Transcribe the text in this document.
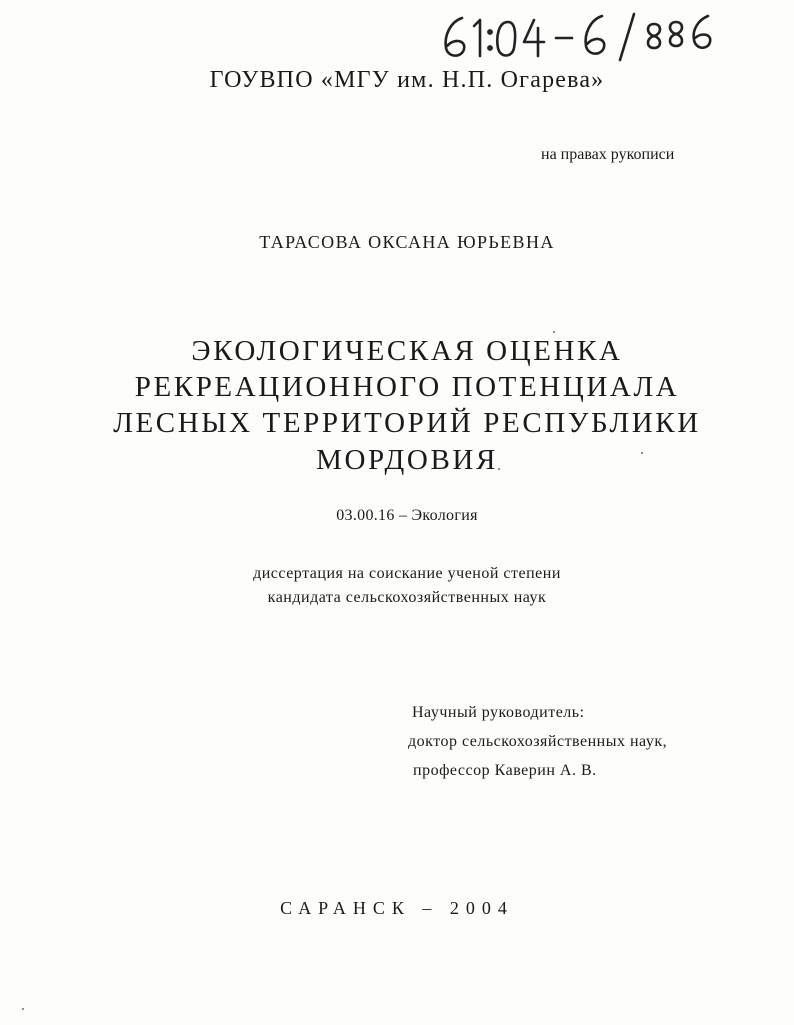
ГОУВПО «МГУ им. Н.П. Огарева»
на правах рукописи
ТАРАСОВА ОКСАНА ЮРЬЕВНА
ЭКОЛОГИЧЕСКАЯ ОЦЕНКА
РЕКРЕАЦИОННОГО ПОТЕНЦИАЛА
ЛЕСНЫХ ТЕРРИТОРИЙ РЕСПУБЛИКИ
МОРДОВИЯ
03.00.16 – Экология
диссертация на соискание ученой степени
кандидата сельскохозяйственных наук
Научный руководитель:
доктор сельскохозяйственных наук,
профессор Каверин А. В.
САРАНСК – 2004
